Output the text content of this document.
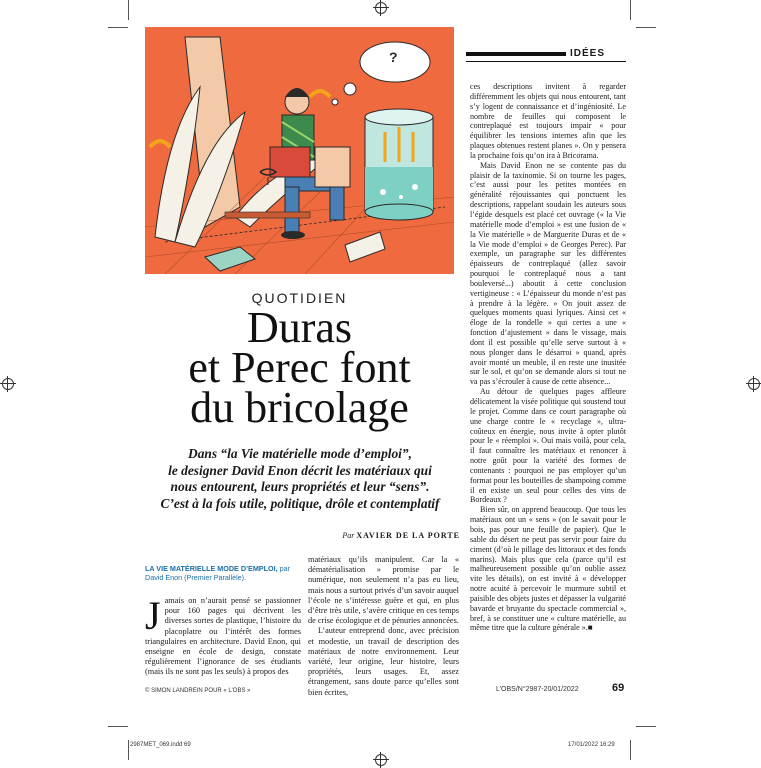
IDÉES
?
QUOTIDIEN
Duras
et Perec font
du bricolage
Dans “la Vie matérielle mode d’emploi”,
le designer David Enon décrit les matériaux qui
nous entourent, leurs propriétés et leur “sens”.
C’est à la fois utile, politique, drôle et contemplatif
Par XAVIER DE LA PORTE
LA VIE MATÉRIELLE MODE D’EMPLOI, par David Enon (Premier Parallèle).
J amais on n’aurait pensé se passionner pour 160 pages qui décrivent les diverses sortes de plastique, l’histoire du placoplatre ou l’intérêt des formes triangulaires en architecture. David Enon, qui enseigne en école de design, constate régulièrement l’ignorance de ses étudiants (mais ils ne sont pas les seuls) à propos des

matériaux qu’ils manipulent. Car la « dématérialisation » promise par le numérique, non seulement n’a pas eu lieu, mais nous a surtout privés d’un savoir auquel l’école ne s’intéresse guère et qui, en plus d’être très utile, s’avère critique en ces temps de crise écologique et de pénuries annoncées.

L’auteur entreprend donc, avec précision et modestie, un travail de description des matériaux de notre environnement. Leur variété, leur origine, leur histoire, leurs propriétés, leurs usages. Et, assez étrangement, sans doute parce qu’elles sont bien écrites,

ces descriptions invitent à regarder différemment les objets qui nous entourent, tant s’y logent de connaissance et d’ingéniosité. Le nombre de feuilles qui composent le contreplaqué est toujours impair « pour équilibrer les tensions internes afin que les plaques obtenues restent planes ». On y pensera la prochaine fois qu’on ira à Bricorama.

Mais David Enon ne se contente pas du plaisir de la taxinomie. Si on tourne les pages, c’est aussi pour les petites montées en généralité réjouissantes qui ponctuent les descriptions, rappelant soudain les auteurs sous l’égide desquels est placé cet ouvrage (« la Vie matérielle mode d’emploi » est une fusion de « la Vie matérielle » de Marguerite Duras et de « la Vie mode d’emploi » de Georges Perec). Par exemple, un paragraphe sur les différentes épaisseurs de contreplaqué (allez savoir pourquoi le contreplaqué nous a tant bouleversé...) aboutit à cette conclusion vertigineuse : « L’épaisseur du monde n’est pas à prendre à la légère. » On jouit assez de quelques moments quasi lyriques. Ainsi cet « éloge de la rondelle » qui certes a une « fonction d’ajustement » dans le vissage, mais dont il est possible qu’elle serve surtout à « nous plonger dans le désarroi » quand, après avoir monté un meuble, il en reste une inusitée sur le sol, et qu’on se demande alors si tout ne va pas s’écrouler à cause de cette absence...

Au détour de quelques pages affleure délicatement la visée politique qui soustend tout le projet. Comme dans ce court paragraphe où une charge contre le « recyclage », ultra-coûteux en énergie, nous invite à opter plutôt pour le « réemploi ». Oui mais voilà, pour cela, il faut connaître les matériaux et renoncer à notre goût pour la variété des formes de contenants : pourquoi ne pas employer qu’un format pour les bouteilles de shampoing comme il en existe un seul pour celles des vins de Bordeaux ?

Bien sûr, on apprend beaucoup. Que tous les matériaux ont un « sens » (on le savait pour le bois, pas pour une feuille de papier). Que le sable du désert ne peut pas servir pour faire du ciment (d’où le pillage des littoraux et des fonds marins). Mais plus que cela (parce qu’il est malheureusement possible qu’on oublie assez vite les détails), on est invité à « développer notre acuité à percevoir le murmure subtil et paisible des objets justes et dépasser la vulgarité bavarde et bruyante du spectacle commercial », bref, à se constituer une « culture matérielle, au même titre que la culture générale ».■

© SIMON LANDREIN POUR « L’OBS »	L’OBS/N°2987-20/01/2022	69
2987MET_069.indd 69	17/01/2022 16:29
